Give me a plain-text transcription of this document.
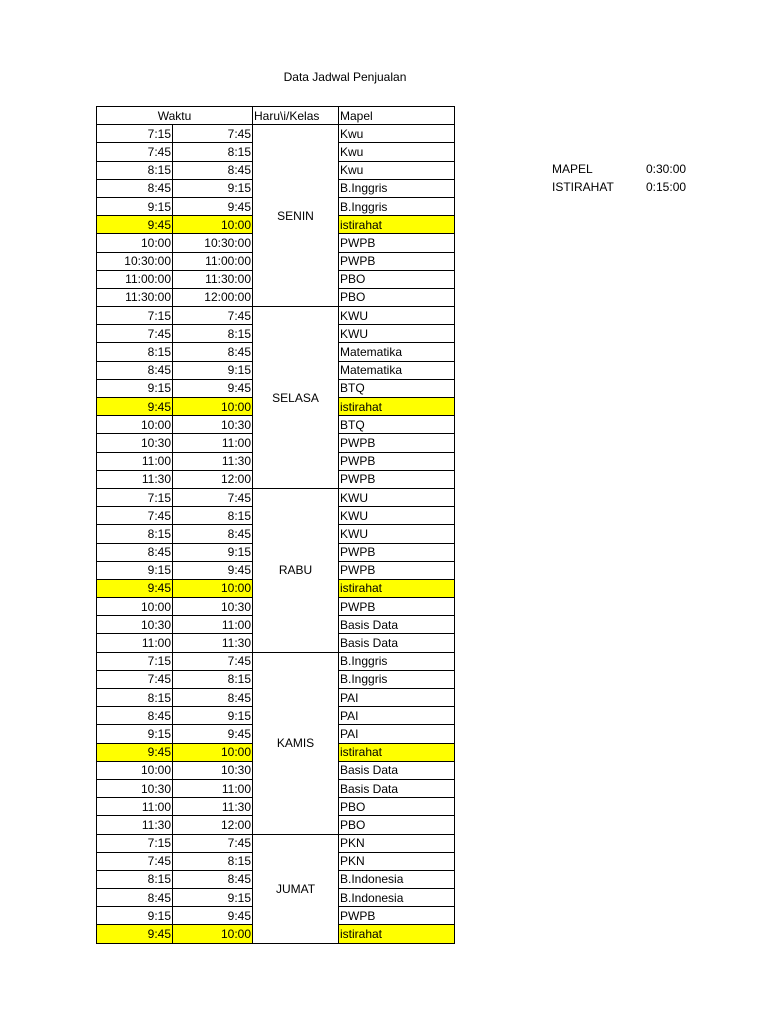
Data Jadwal Penjualan
Waktu		Haru\i/Kelas	Mapel
7:15	7:45	SENIN	Kwu
7:45	8:15		Kwu
8:15	8:45		Kwu
8:45	9:15		B.Inggris
9:15	9:45		B.Inggris
9:45	10:00		istirahat
10:00	10:30:00		PWPB
10:30:00	11:00:00		PWPB
11:00:00	11:30:00		PBO
11:30:00	12:00:00		PBO
7:15	7:45	SELASA	KWU
7:45	8:15		KWU
8:15	8:45		Matematika
8:45	9:15		Matematika
9:15	9:45		BTQ
9:45	10:00		istirahat
10:00	10:30		BTQ
10:30	11:00		PWPB
11:00	11:30		PWPB
11:30	12:00		PWPB
7:15	7:45	RABU	KWU
7:45	8:15		KWU
8:15	8:45		KWU
8:45	9:15		PWPB
9:15	9:45		PWPB
9:45	10:00		istirahat
10:00	10:30		PWPB
10:30	11:00		Basis Data
11:00	11:30		Basis Data
7:15	7:45	KAMIS	B.Inggris
7:45	8:15		B.Inggris
8:15	8:45		PAI
8:45	9:15		PAI
9:15	9:45		PAI
9:45	10:00		istirahat
10:00	10:30		Basis Data
10:30	11:00		Basis Data
11:00	11:30		PBO
11:30	12:00		PBO
7:15	7:45	JUMAT	PKN
7:45	8:15		PKN
8:15	8:45		B.Indonesia
8:45	9:15		B.Indonesia
9:15	9:45		PWPB
9:45	10:00		istirahat
MAPEL	0:30:00
ISTIRAHAT	0:15:00
